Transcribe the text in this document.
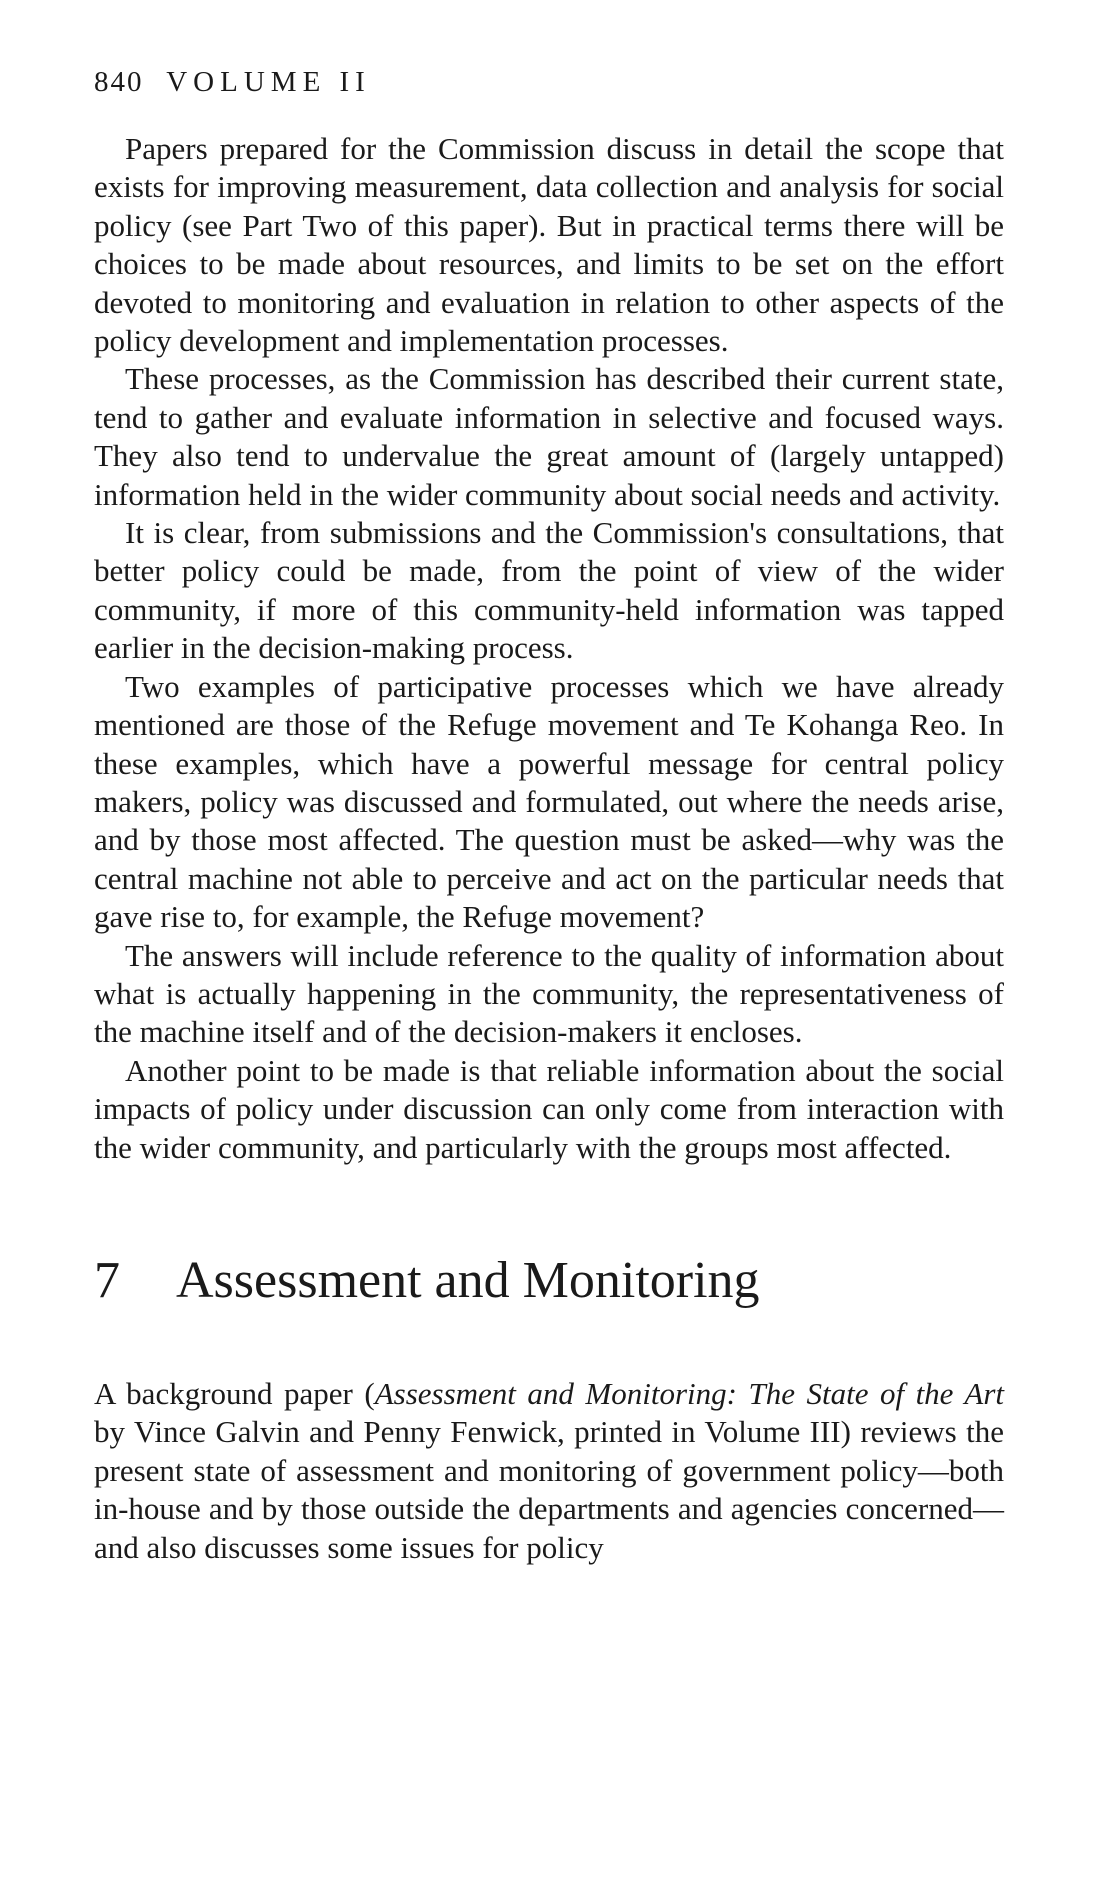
840 VOLUME II

Papers prepared for the Commission discuss in detail the scope that exists for improving measurement, data collection and analysis for social policy (see Part Two of this paper). But in practical terms there will be choices to be made about resources, and limits to be set on the effort devoted to monitoring and evaluation in relation to other aspects of the policy development and implementation processes.

These processes, as the Commission has described their current state, tend to gather and evaluate information in selective and focused ways. They also tend to undervalue the great amount of (largely untapped) information held in the wider community about social needs and activity.

It is clear, from submissions and the Commission's consultations, that better policy could be made, from the point of view of the wider community, if more of this community-held information was tapped earlier in the decision-making process.

Two examples of participative processes which we have already mentioned are those of the Refuge movement and Te Kohanga Reo. In these examples, which have a powerful message for central policy makers, policy was discussed and formulated, out where the needs arise, and by those most affected. The question must be asked—why was the central machine not able to perceive and act on the particular needs that gave rise to, for example, the Refuge movement?

The answers will include reference to the quality of information about what is actually happening in the community, the representativeness of the machine itself and of the decision-makers it encloses.

Another point to be made is that reliable information about the social impacts of policy under discussion can only come from interaction with the wider community, and particularly with the groups most affected.

7 Assessment and Monitoring

A background paper (Assessment and Monitoring: The State of the Art by Vince Galvin and Penny Fenwick, printed in Volume III) reviews the present state of assessment and monitoring of government policy—both in-house and by those outside the departments and agencies concerned—and also discusses some issues for policy
